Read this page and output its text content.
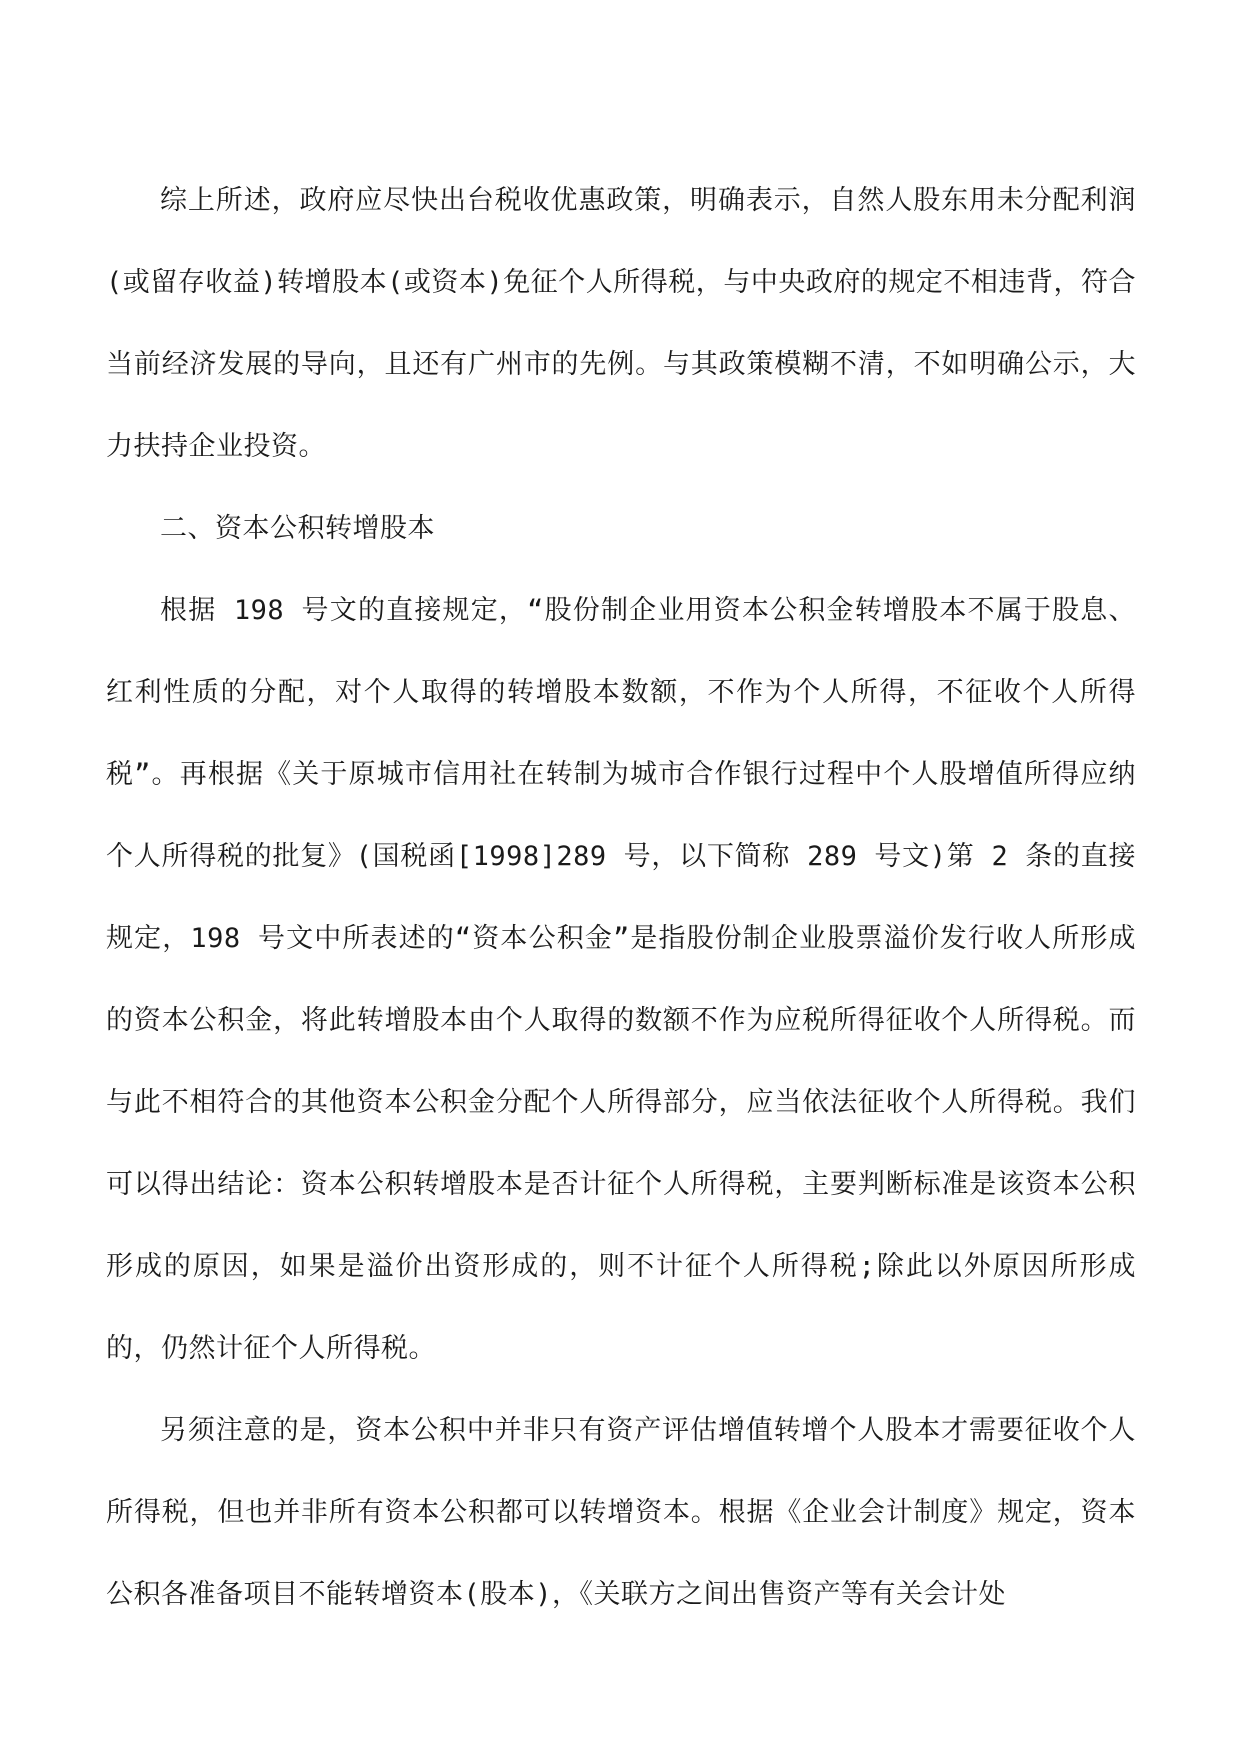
综上所述，政府应尽快出台税收优惠政策，明确表示，自然人股东用未分配利润(或留存收益)转增股本(或资本)免征个人所得税，与中央政府的规定不相违背，符合当前经济发展的导向，且还有广州市的先例。与其政策模糊不清，不如明确公示，大力扶持企业投资。

二、资本公积转增股本

根据 198 号文的直接规定，“股份制企业用资本公积金转增股本不属于股息、红利性质的分配，对个人取得的转增股本数额，不作为个人所得，不征收个人所得税”。再根据《关于原城市信用社在转制为城市合作银行过程中个人股增值所得应纳个人所得税的批复》(国税函[1998]289 号，以下简称 289 号文)第 2 条的直接规定，198 号文中所表述的“资本公积金”是指股份制企业股票溢价发行收人所形成的资本公积金，将此转增股本由个人取得的数额不作为应税所得征收个人所得税。而与此不相符合的其他资本公积金分配个人所得部分，应当依法征收个人所得税。我们可以得出结论：资本公积转增股本是否计征个人所得税，主要判断标准是该资本公积形成的原因，如果是溢价出资形成的，则不计征个人所得税;除此以外原因所形成的，仍然计征个人所得税。

另须注意的是，资本公积中并非只有资产评估增值转增个人股本才需要征收个人所得税，但也并非所有资本公积都可以转增资本。根据《企业会计制度》规定，资本公积各准备项目不能转增资本(股本)，《关联方之间出售资产等有关会计处
